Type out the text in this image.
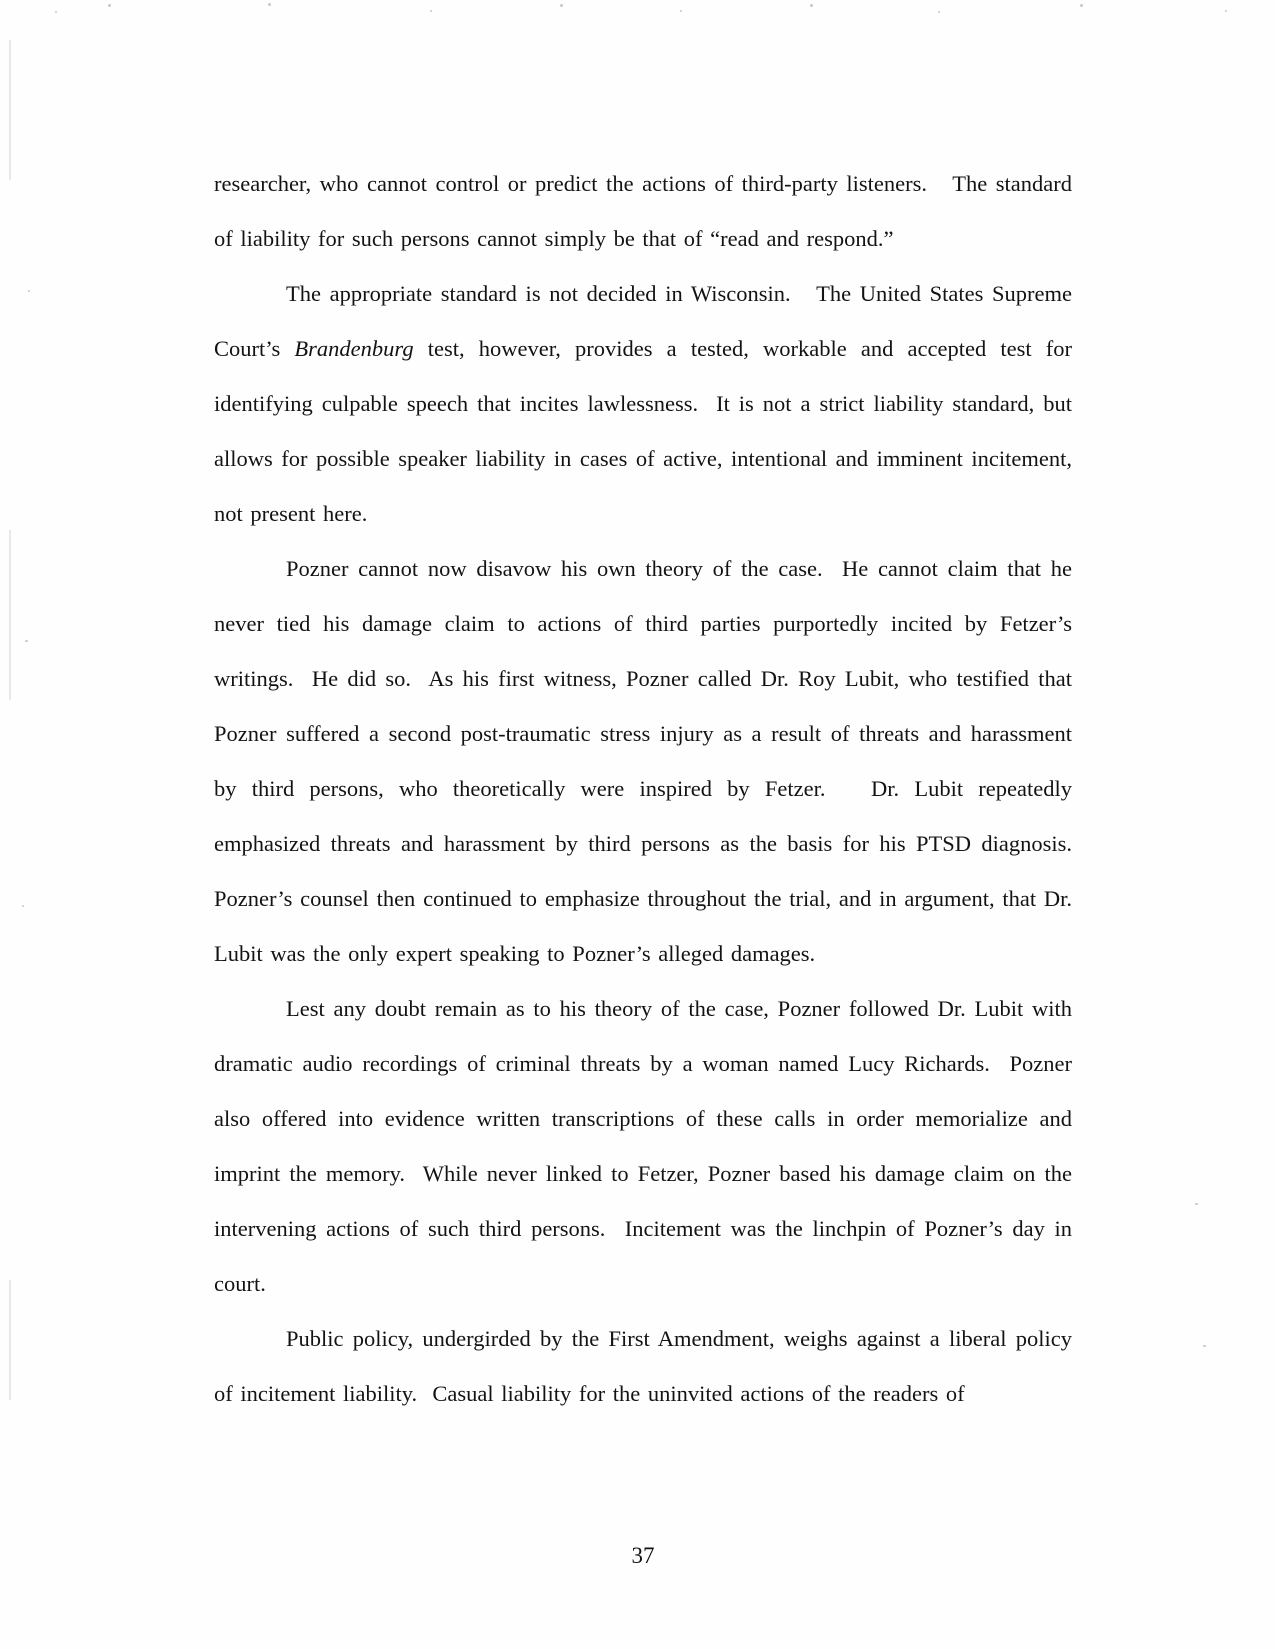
researcher, who cannot control or predict the actions of third-party listeners.   The standard of liability for such persons cannot simply be that of “read and respond.”

The appropriate standard is not decided in Wisconsin.   The United States Supreme Court’s Brandenburg test, however, provides a tested, workable and accepted test for identifying culpable speech that incites lawlessness.  It is not a strict liability standard, but allows for possible speaker liability in cases of active, intentional and imminent incitement, not present here.

Pozner cannot now disavow his own theory of the case.  He cannot claim that he never tied his damage claim to actions of third parties purportedly incited by Fetzer’s writings.  He did so.  As his first witness, Pozner called Dr. Roy Lubit, who testified that Pozner suffered a second post-traumatic stress injury as a result of threats and harassment by third persons, who theoretically were inspired by Fetzer.   Dr. Lubit repeatedly emphasized threats and harassment by third persons as the basis for his PTSD diagnosis.  Pozner’s counsel then continued to emphasize throughout the trial, and in argument, that Dr. Lubit was the only expert speaking to Pozner’s alleged damages.

Lest any doubt remain as to his theory of the case, Pozner followed Dr. Lubit with dramatic audio recordings of criminal threats by a woman named Lucy Richards.  Pozner also offered into evidence written transcriptions of these calls in order memorialize and imprint the memory.  While never linked to Fetzer, Pozner based his damage claim on the intervening actions of such third persons.  Incitement was the linchpin of Pozner’s day in court.

Public policy, undergirded by the First Amendment, weighs against a liberal policy of incitement liability.  Casual liability for the uninvited actions of the readers of

37
